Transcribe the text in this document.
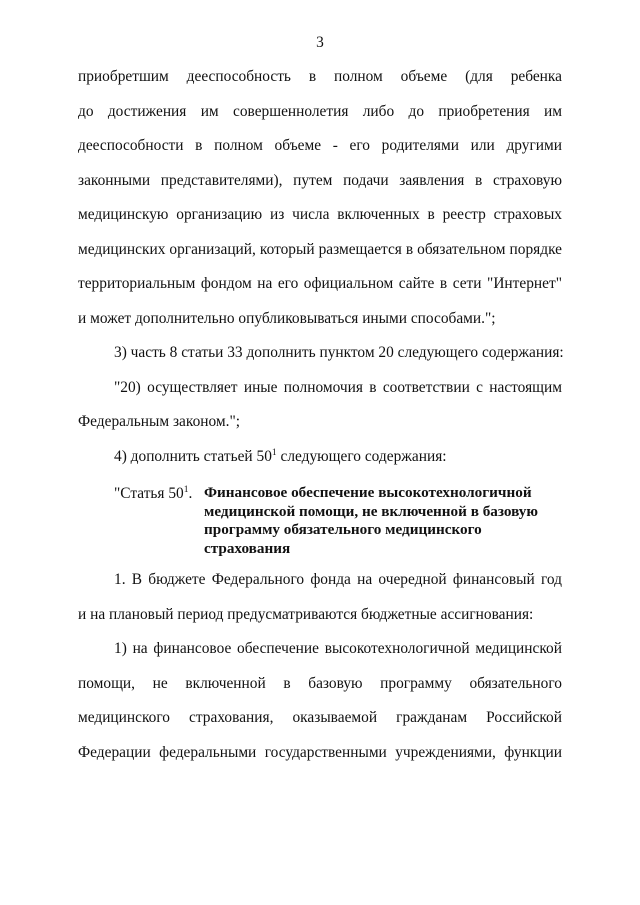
3
приобретшим дееспособность в полном объеме (для ребенка
до достижения им совершеннолетия либо до приобретения им
дееспособности в полном объеме - его родителями или другими
законными представителями), путем подачи заявления в страховую
медицинскую организацию из числа включенных в реестр страховых
медицинских организаций, который размещается в обязательном порядке
территориальным фондом на его официальном сайте в сети "Интернет"
и может дополнительно опубликовываться иными способами.";
3) часть 8 статьи 33 дополнить пунктом 20 следующего содержания:
"20) осуществляет иные полномочия в соответствии с настоящим
Федеральным законом.";
4) дополнить статьей $50^1$ следующего содержания:
"Статья $50^1$. Финансовое обеспечение высокотехнологичной
медицинской помощи, не включенной в базовую
программу обязательного медицинского
страхования
1. В бюджете Федерального фонда на очередной финансовый год
и на плановый период предусматриваются бюджетные ассигнования:
1) на финансовое обеспечение высокотехнологичной медицинской
помощи, не включенной в базовую программу обязательного
медицинского страхования, оказываемой гражданам Российской
Федерации федеральными государственными учреждениями, функции
